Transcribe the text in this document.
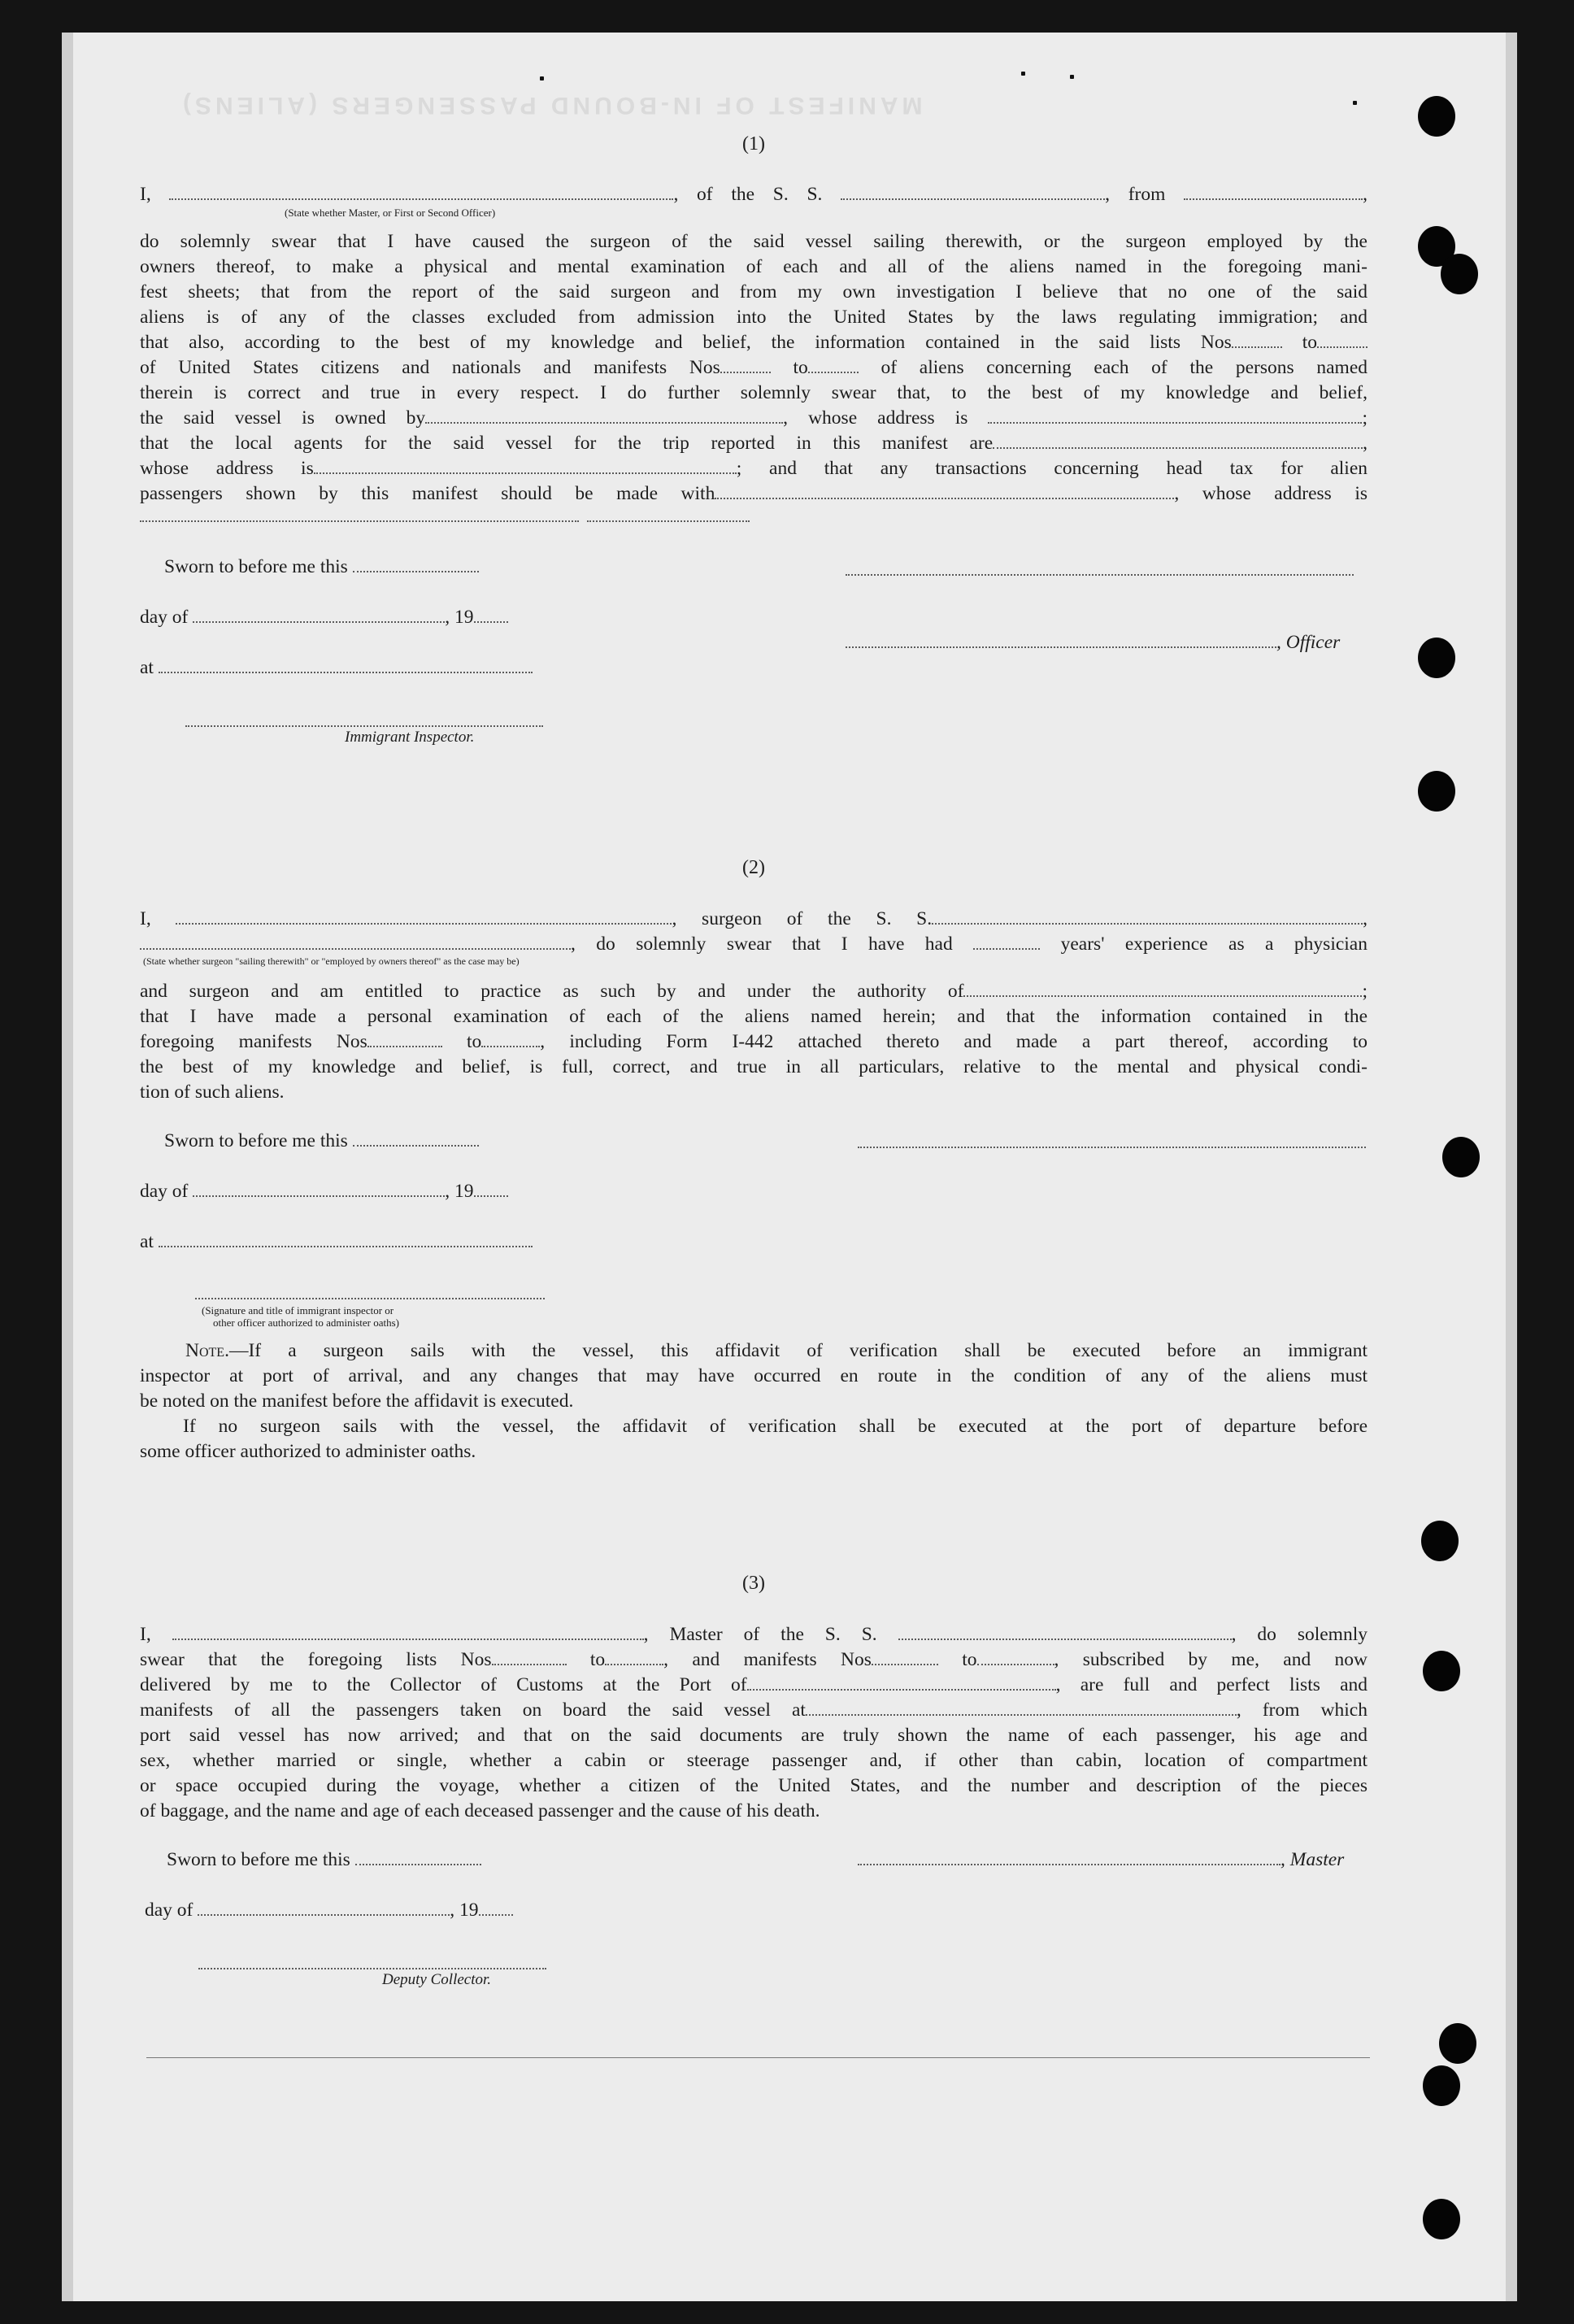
MANIFEST OF IN-BOUND PASSENGERS (ALIENS)
(1)
I,	, of the S. S.	, from	,
(State whether Master, or First or Second Officer)
do solemnly swear that I have caused the surgeon of the said vessel sailing therewith, or the surgeon employed by the
owners thereof, to make a physical and mental examination of each and all of the aliens named in the foregoing mani-
fest sheets; that from the report of the said surgeon and from my own investigation I believe that no one of the said
aliens is of any of the classes excluded from admission into the United States by the laws regulating immigration; and
that also, according to the best of my knowledge and belief, the information contained in the said lists Nos	to
of United States citizens and nationals and manifests Nos	to	of aliens concerning each of the persons named
therein is correct and true in every respect. I do further solemnly swear that, to the best of my knowledge and belief,
the said vessel is owned by	, whose address is	;
that the local agents for the said vessel for the trip reported in this manifest are	,
whose address is	; and that any transactions concerning head tax for alien
passengers shown by this manifest should be made with	, whose address is
Sworn to before me this
day of	, 19
, Officer
at
Immigrant Inspector.
(2)
I,	, surgeon of the S. S.	,
, do solemnly swear that I have had	years' experience as a physician
(State whether surgeon "sailing therewith" or "employed by owners thereof" as the case may be)
and surgeon and am entitled to practice as such by and under the authority of	;
that I have made a personal examination of each of the aliens named herein; and that the information contained in the
foregoing manifests Nos	to	, including Form I-442 attached thereto and made a part thereof, according to
the best of my knowledge and belief, is full, correct, and true in all particulars, relative to the mental and physical condi-
tion of such aliens.
Sworn to before me this
day of	, 19
at
(Signature and title of immigrant inspector or
other officer authorized to administer oaths)
Note.—If a surgeon sails with the vessel, this affidavit of verification shall be executed before an immigrant
inspector at port of arrival, and any changes that may have occurred en route in the condition of any of the aliens must
be noted on the manifest before the affidavit is executed.
If no surgeon sails with the vessel, the affidavit of verification shall be executed at the port of departure before
some officer authorized to administer oaths.
(3)
I,	, Master of the S. S.	, do solemnly
swear that the foregoing lists Nos	to	, and manifests Nos	to	, subscribed by me, and now
delivered by me to the Collector of Customs at the Port of	, are full and perfect lists and
manifests of all the passengers taken on board the said vessel at	, from which
port said vessel has now arrived; and that on the said documents are truly shown the name of each passenger, his age and
sex, whether married or single, whether a cabin or steerage passenger and, if other than cabin, location of compartment
or space occupied during the voyage, whether a citizen of the United States, and the number and description of the pieces
of baggage, and the name and age of each deceased passenger and the cause of his death.
Sworn to before me this	, Master
day of	, 19
Deputy Collector.
